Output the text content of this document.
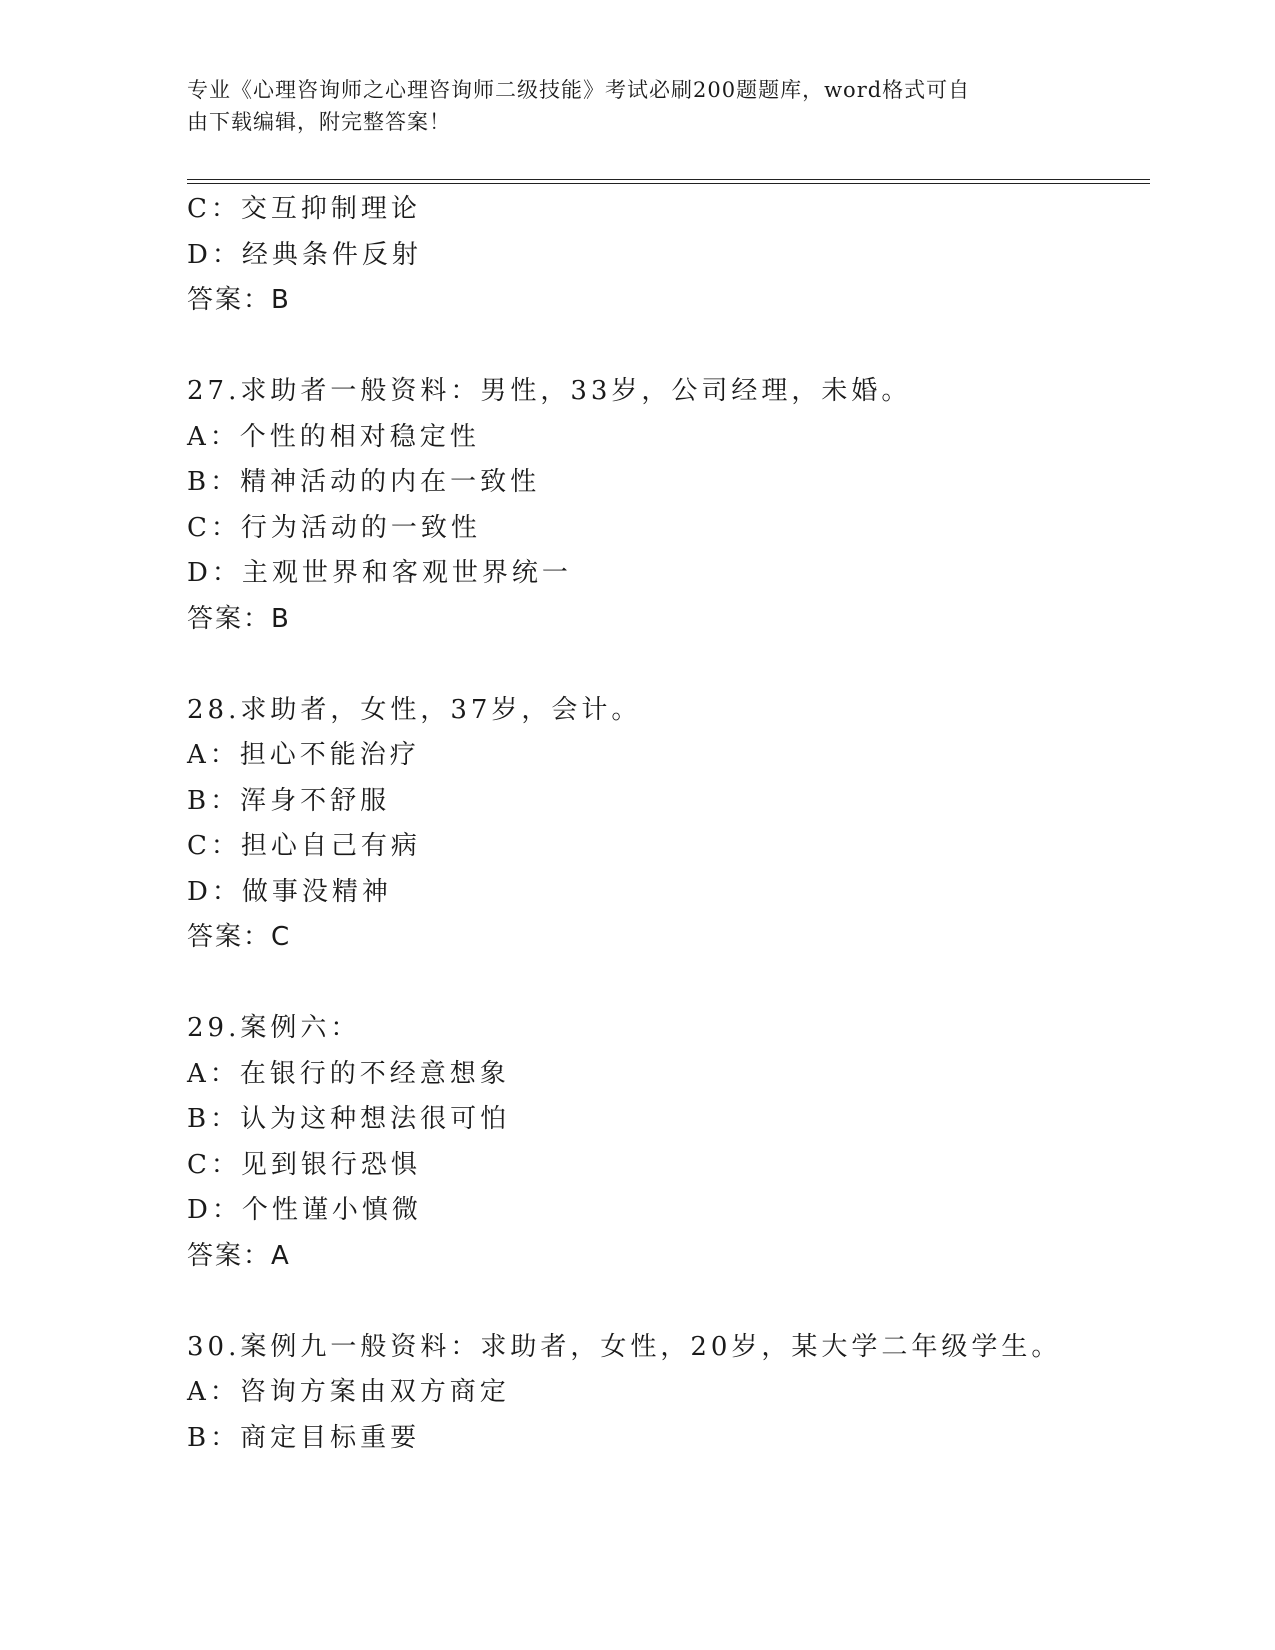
专业《心理咨询师之心理咨询师二级技能》考试必刷200题题库，word格式可自
由下载编辑，附完整答案！
C：交互抑制理论
D：经典条件反射
答案：B
27.求助者一般资料：男性，33岁，公司经理，未婚。
A：个性的相对稳定性
B：精神活动的内在一致性
C：行为活动的一致性
D：主观世界和客观世界统一
答案：B
28.求助者，女性，37岁，会计。
A：担心不能治疗
B：浑身不舒服
C：担心自己有病
D：做事没精神
答案：C
29.案例六：
A：在银行的不经意想象
B：认为这种想法很可怕
C：见到银行恐惧
D：个性谨小慎微
答案：A
30.案例九一般资料：求助者，女性，20岁，某大学二年级学生。
A：咨询方案由双方商定
B：商定目标重要
